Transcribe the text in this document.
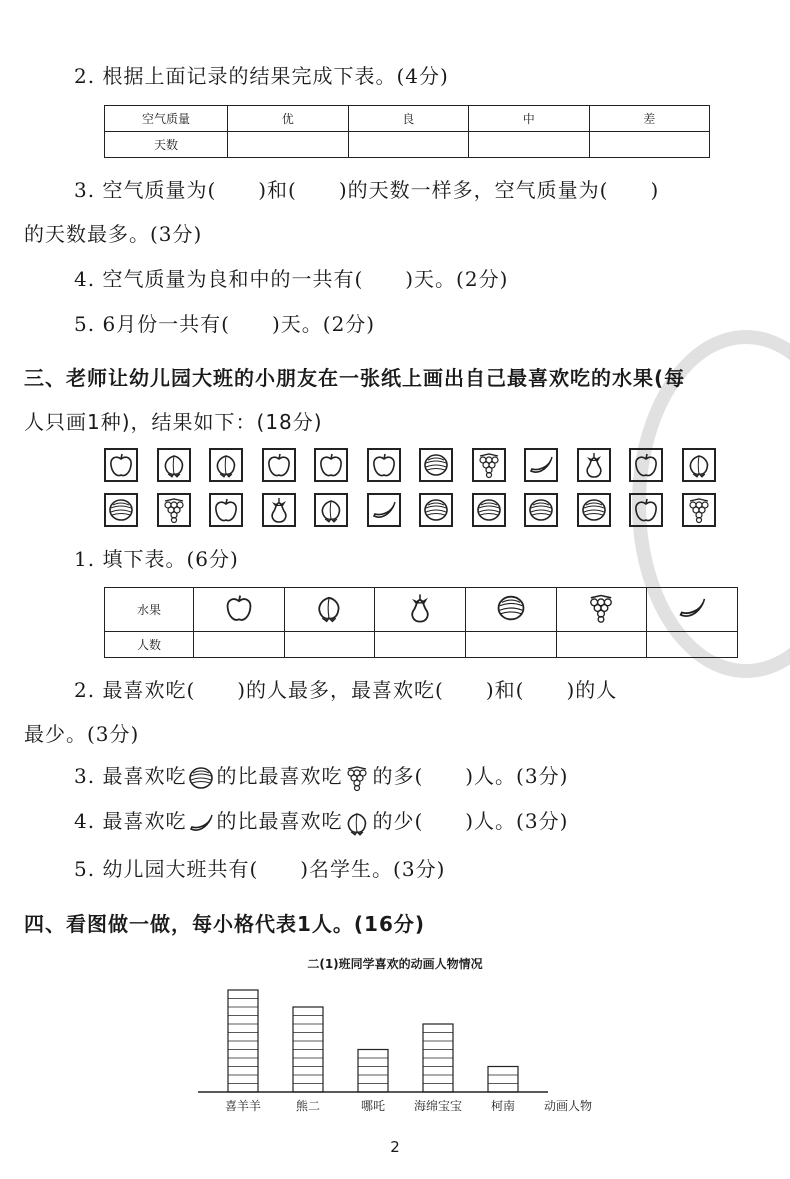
2. 根据上面记录的结果完成下表。(4分)
空气质量	优	良	中	差
天数				
3. 空气质量为(　　)和(　　)的天数一样多，空气质量为(　　)
的天数最多。(3分)
4. 空气质量为良和中的一共有(　　)天。(2分)
5. 6月份一共有(　　)天。(2分)
三、老师让幼儿园大班的小朋友在一张纸上画出自己最喜欢吃的水果(每
人只画1种)，结果如下：(18分)
1. 填下表。(6分)
水果						
人数						
2. 最喜欢吃(　　)的人最多，最喜欢吃(　　)和(　　)的人
最少。(3分)
3. 最喜欢吃 的比最喜欢吃 的多(　　)人。(3分)
4. 最喜欢吃 的比最喜欢吃 的少(　　)人。(3分)
5. 幼儿园大班共有(　　)名学生。(3分)
四、看图做一做，每小格代表1人。(16分)
二(1)班同学喜欢的动画人物情况
喜羊羊	熊二	哪吒 海绵宝宝 柯南 动画人物
2
